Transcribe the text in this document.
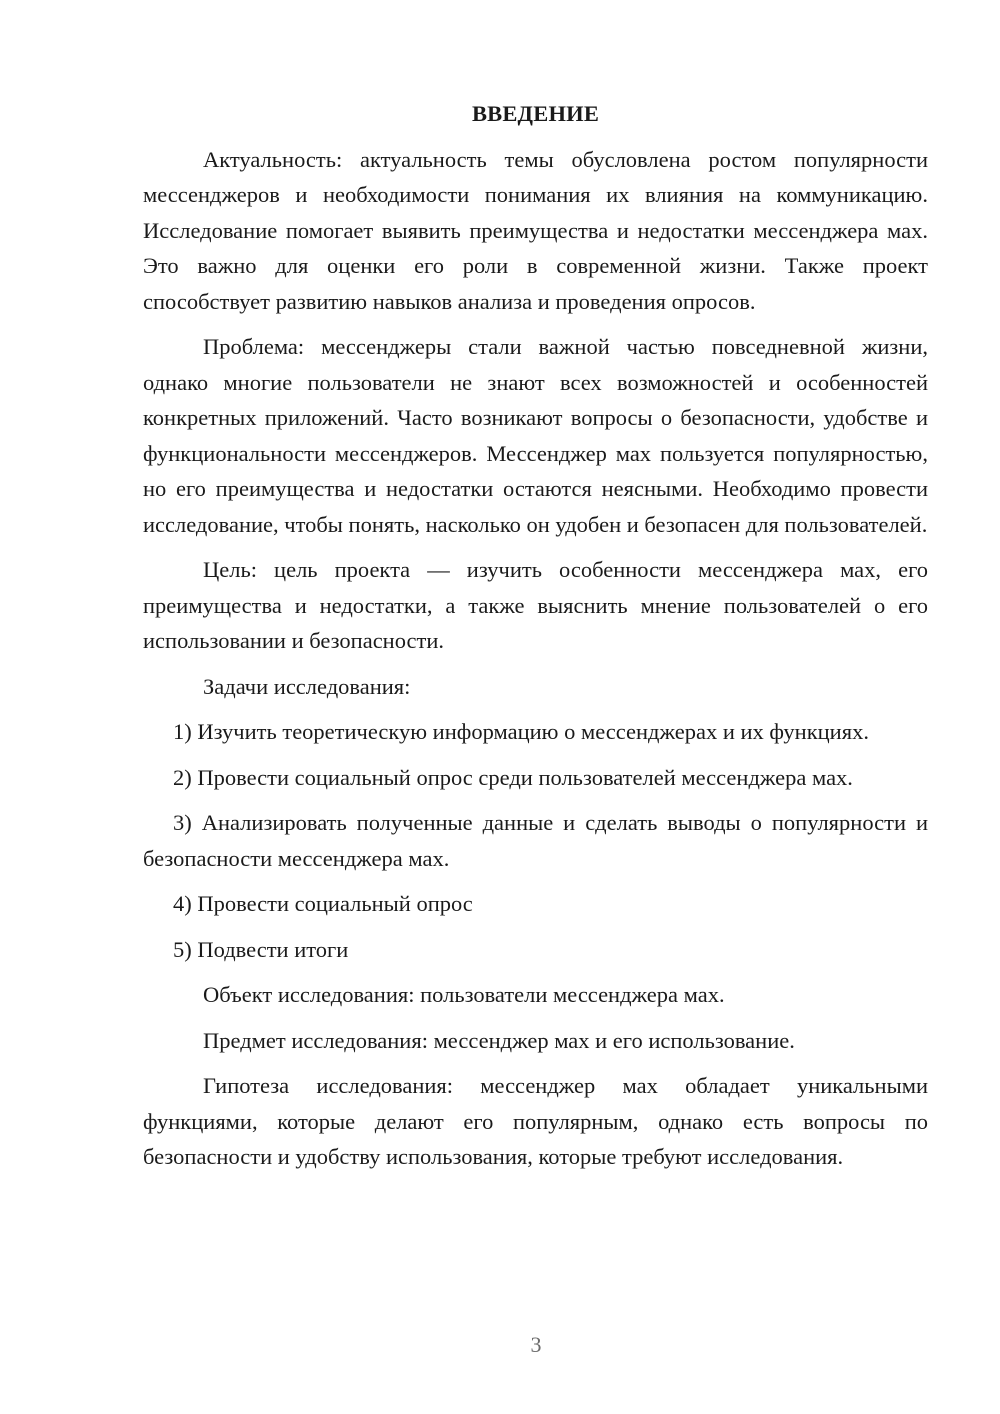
ВВЕДЕНИЕ

Актуальность: актуальность темы обусловлена ростом популярности мессенджеров и необходимости понимания их влияния на коммуникацию. Исследование помогает выявить преимущества и недостатки мессенджера мах. Это важно для оценки его роли в современной жизни. Также проект способствует развитию навыков анализа и проведения опросов.

Проблема: мессенджеры стали важной частью повседневной жизни, однако многие пользователи не знают всех возможностей и особенностей конкретных приложений. Часто возникают вопросы о безопасности, удобстве и функциональности мессенджеров. Мессенджер мах пользуется популярностью, но его преимущества и недостатки остаются неясными. Необходимо провести исследование, чтобы понять, насколько он удобен и безопасен для пользователей.

Цель: цель проекта — изучить особенности мессенджера мах, его преимущества и недостатки, а также выяснить мнение пользователей о его использовании и безопасности.

Задачи исследования:

1) Изучить теоретическую информацию о мессенджерах и их функциях.

2) Провести социальный опрос среди пользователей мессенджера мах.

3) Анализировать полученные данные и сделать выводы о популярности и безопасности мессенджера мах.

4) Провести социальный опрос

5) Подвести итоги

Объект исследования: пользователи мессенджера мах.

Предмет исследования: мессенджер мах и его использование.

Гипотеза исследования: мессенджер мах обладает уникальными функциями, которые делают его популярным, однако есть вопросы по безопасности и удобству использования, которые требуют исследования.

3
